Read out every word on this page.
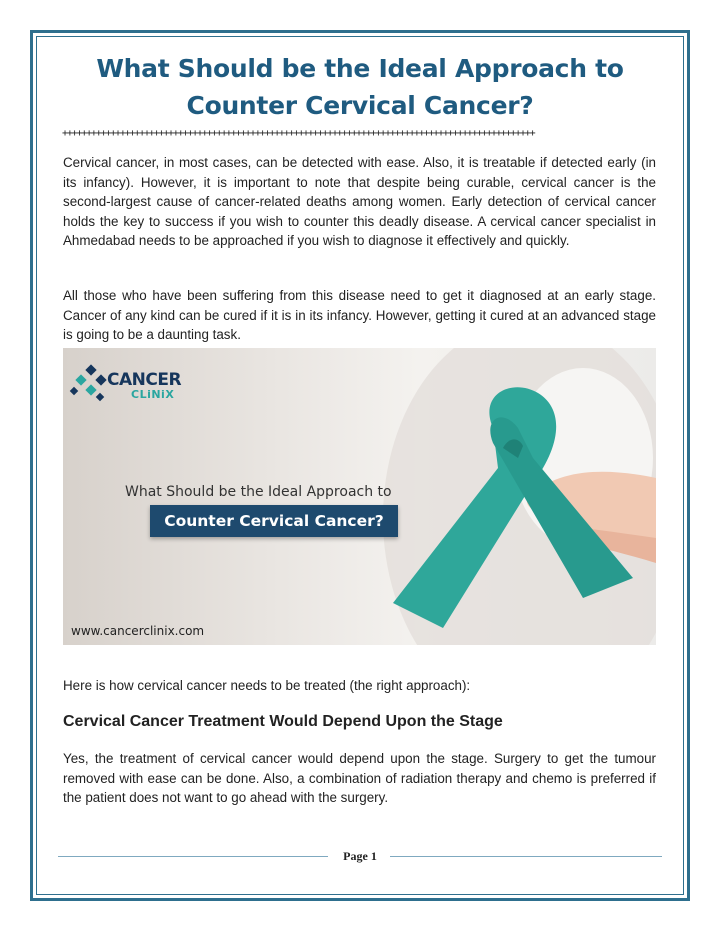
What Should be the Ideal Approach to
Counter Cervical Cancer?
++++++++++++++++++++++++++++++++++++++++++++++++++++++++++++++++++++++++++++++++++++++++++++++++++

Cervical cancer, in most cases, can be detected with ease. Also, it is treatable if detected early (in its infancy). However, it is important to note that despite being curable, cervical cancer is the second-largest cause of cancer-related deaths among women. Early detection of cervical cancer holds the key to success if you wish to counter this deadly disease. A cervical cancer specialist in Ahmedabad needs to be approached if you wish to diagnose it effectively and quickly.

All those who have been suffering from this disease need to get it diagnosed at an early stage. Cancer of any kind can be cured if it is in its infancy. However, getting it cured at an advanced stage is going to be a daunting task.

CANCER
CLiNiX
What Should be the Ideal Approach to
Counter Cervical Cancer?
www.cancerclinix.com

Here is how cervical cancer needs to be treated (the right approach):

Cervical Cancer Treatment Would Depend Upon the Stage

Yes, the treatment of cervical cancer would depend upon the stage. Surgery to get the tumour removed with ease can be done. Also, a combination of radiation therapy and chemo is preferred if the patient does not want to go ahead with the surgery.

Page 1
